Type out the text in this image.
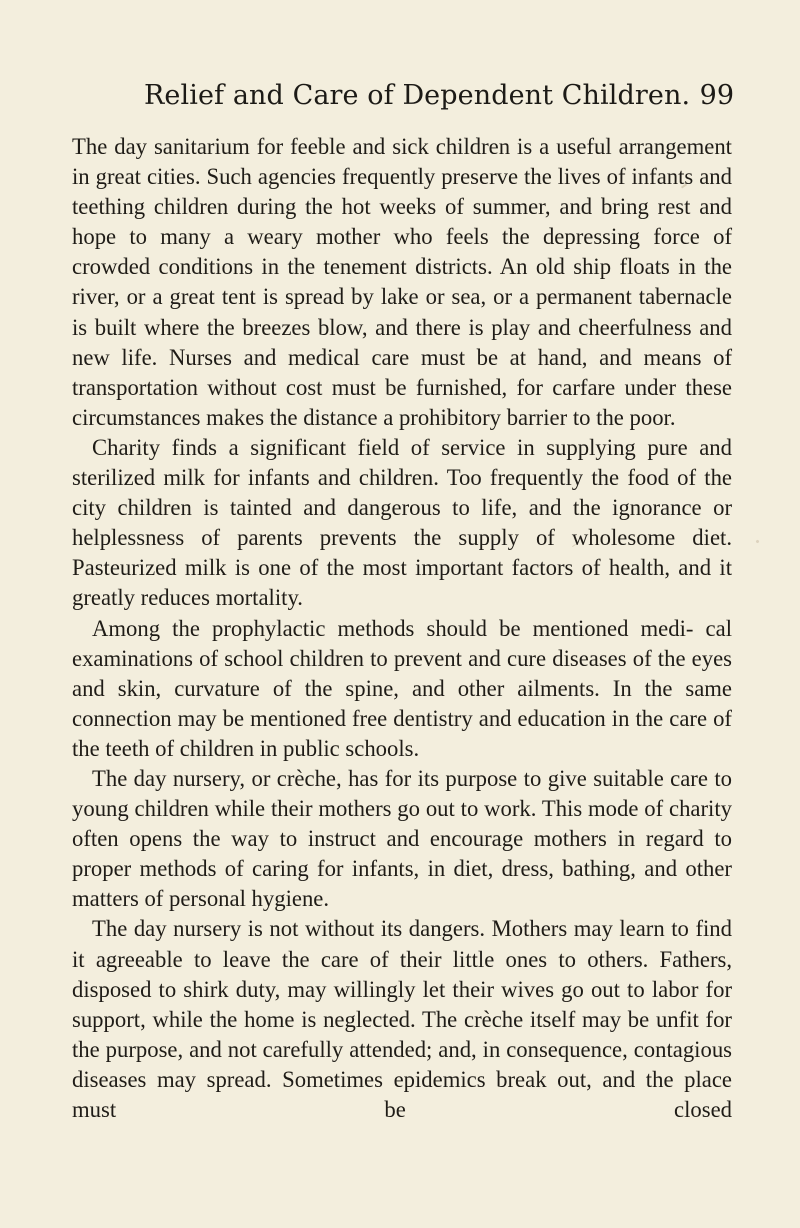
Relief and Care of Dependent Children. 99

The day sanitarium for feeble and sick children is a useful arrangement in great cities. Such agencies frequently preserve the lives of infants and teething children during the hot weeks of summer, and bring rest and hope to many a weary mother who feels the depressing force of crowded conditions in the tenement districts. An old ship floats in the river, or a great tent is spread by lake or sea, or a permanent tabernacle is built where the breezes blow, and there is play and cheerfulness and new life. Nurses and medical care must be at hand, and means of transportation without cost must be furnished, for carfare under these circumstances makes the distance a prohibitory barrier to the poor.

Charity finds a significant field of service in supplying pure and sterilized milk for infants and children. Too frequently the food of the city children is tainted and dangerous to life, and the ignorance or helplessness of parents prevents the supply of wholesome diet. Pasteurized milk is one of the most important factors of health, and it greatly reduces mortality.

Among the prophylactic methods should be mentioned medi- cal examinations of school children to prevent and cure diseases of the eyes and skin, curvature of the spine, and other ailments. In the same connection may be mentioned free dentistry and education in the care of the teeth of children in public schools.

The day nursery, or crèche, has for its purpose to give suitable care to young children while their mothers go out to work. This mode of charity often opens the way to instruct and encourage mothers in regard to proper methods of caring for infants, in diet, dress, bathing, and other matters of personal hygiene.

The day nursery is not without its dangers. Mothers may learn to find it agreeable to leave the care of their little ones to others. Fathers, disposed to shirk duty, may willingly let their wives go out to labor for support, while the home is neglected. The crèche itself may be unfit for the purpose, and not carefully attended; and, in consequence, contagious diseases may spread. Sometimes epidemics break out, and the place must be closed
